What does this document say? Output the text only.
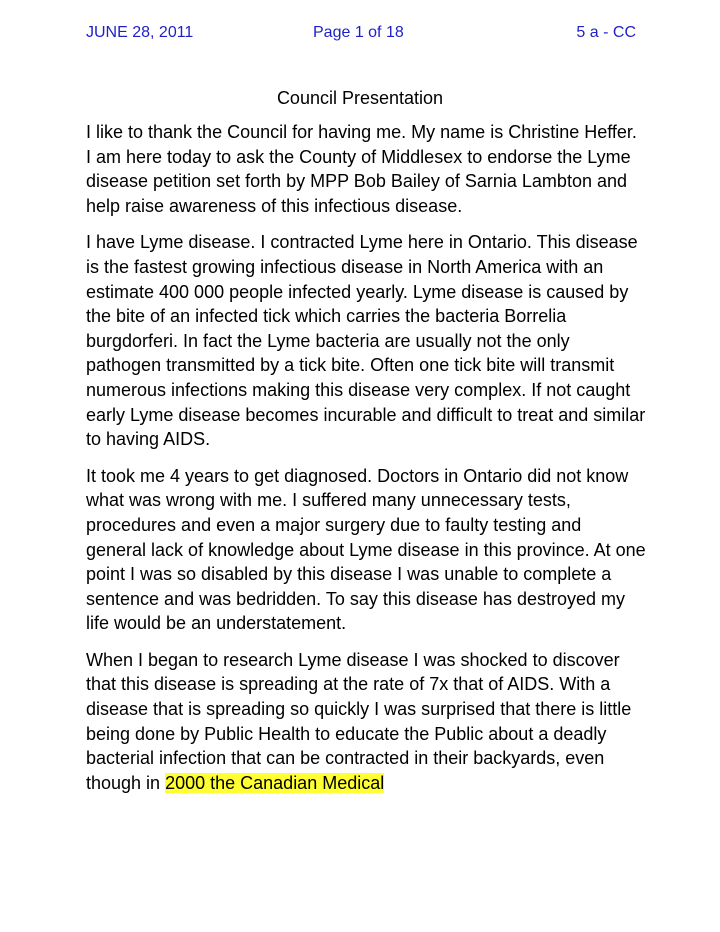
JUNE 28, 2011	Page 1 of 18	5 a - CC
Council Presentation

I like to thank the Council for having me. My name is Christine Heffer. I am here today to ask the County of Middlesex to endorse the Lyme disease petition set forth by MPP Bob Bailey of Sarnia Lambton and help raise awareness of this infectious disease.

I have Lyme disease. I contracted Lyme here in Ontario. This disease is the fastest growing infectious disease in North America with an estimate 400 000 people infected yearly. Lyme disease is caused by the bite of an infected tick which carries the bacteria Borrelia burgdorferi. In fact the Lyme bacteria are usually not the only pathogen transmitted by a tick bite. Often one tick bite will transmit numerous infections making this disease very complex. If not caught early Lyme disease becomes incurable and difficult to treat and similar to having AIDS.

It took me 4 years to get diagnosed. Doctors in Ontario did not know what was wrong with me. I suffered many unnecessary tests, procedures and even a major surgery due to faulty testing and general lack of knowledge about Lyme disease in this province. At one point I was so disabled by this disease I was unable to complete a sentence and was bedridden. To say this disease has destroyed my life would be an understatement.

When I began to research Lyme disease I was shocked to discover that this disease is spreading at the rate of 7x that of AIDS. With a disease that is spreading so quickly I was surprised that there is little being done by Public Health to educate the Public about a deadly bacterial infection that can be contracted in their backyards, even though in 2000 the Canadian Medical
